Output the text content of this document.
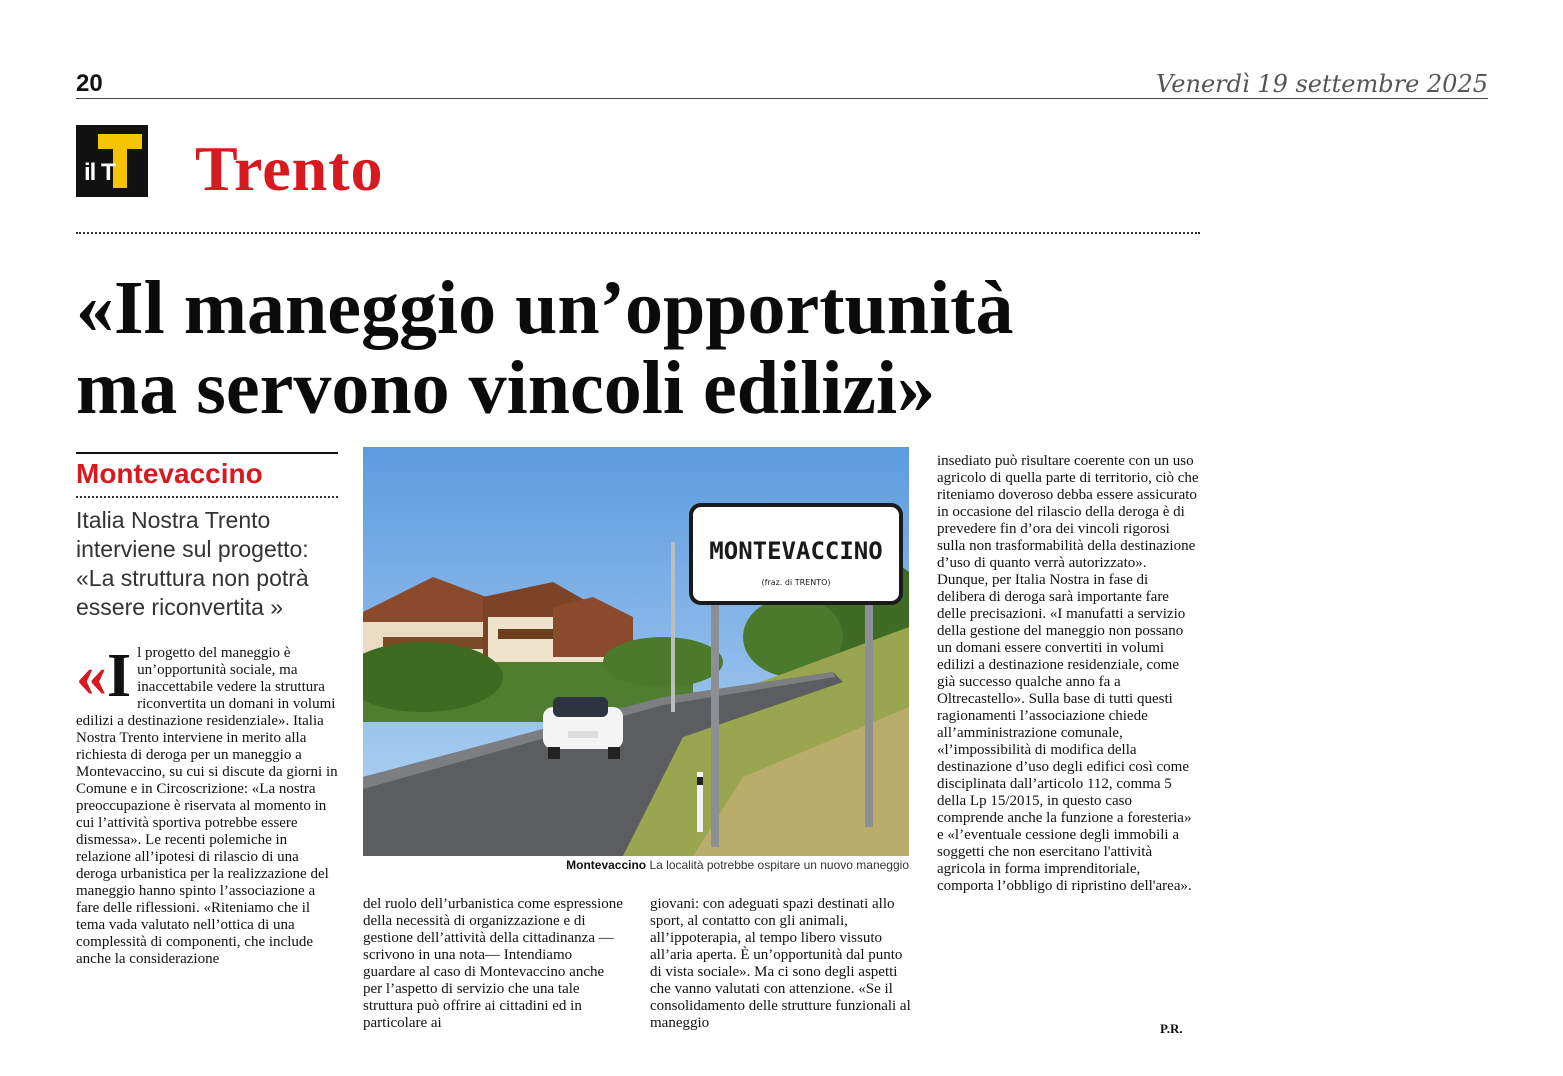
20	Venerdì 19 settembre 2025
il T Trento
«Il maneggio un’opportunità
ma servono vincoli edilizi»
Montevaccino
Italia Nostra Trento interviene sul progetto: «La struttura non potrà essere riconvertita »
«I l progetto del maneggio è un’opportunità sociale, ma inaccettabile vedere la struttura riconvertita un domani in volumi edilizi a destinazione residenziale». Italia Nostra Trento interviene in merito alla richiesta di deroga per un maneggio a Montevaccino, su cui si discute da giorni in Comune e in Circoscrizione: «La nostra preoccupazione è riservata al momento in cui l’attività sportiva potrebbe essere dismessa». Le recenti polemiche in relazione all’ipotesi di rilascio di una deroga urbanistica per la realizzazione del maneggio hanno spinto l’associazione a fare delle riflessioni. «Riteniamo che il tema vada valutato nell’ottica di una complessità di componenti, che include anche la considerazione
MONTEVACCINO
(fraz. di TRENTO)
Montevaccino La località potrebbe ospitare un nuovo maneggio
del ruolo dell’urbanistica come espressione della necessità di organizzazione e di gestione dell’attività della cittadinanza — scrivono in una nota— Intendiamo guardare al caso di Montevaccino anche per l’aspetto di servizio che una tale struttura può offrire ai cittadini ed in particolare ai
giovani: con adeguati spazi destinati allo sport, al contatto con gli animali, all’ippoterapia, al tempo libero vissuto all’aria aperta. È un’opportunità dal punto di vista sociale». Ma ci sono degli aspetti che vanno valutati con attenzione. «Se il consolidamento delle strutture funzionali al maneggio
insediato può risultare coerente con un uso agricolo di quella parte di territorio, ciò che riteniamo doveroso debba essere assicurato in occasione del rilascio della deroga è di prevedere fin d’ora dei vincoli rigorosi sulla non trasformabilità della destinazione d’uso di quanto verrà autorizzato». Dunque, per Italia Nostra in fase di delibera di deroga sarà importante fare delle precisazioni. «I manufatti a servizio della gestione del maneggio non possano un domani essere convertiti in volumi edilizi a destinazione residenziale, come già successo qualche anno fa a Oltrecastello». Sulla base di tutti questi ragionamenti l’associazione chiede all’amministrazione comunale, «l’impossibilità di modifica della destinazione d’uso degli edifici così come disciplinata dall’articolo 112, comma 5 della Lp 15/2015, in questo caso comprende anche la funzione a foresteria» e «l’eventuale cessione degli immobili a soggetti che non esercitano l'attività agricola in forma imprenditoriale, comporta l’obbligo di ripristino dell'area».
P.R.
